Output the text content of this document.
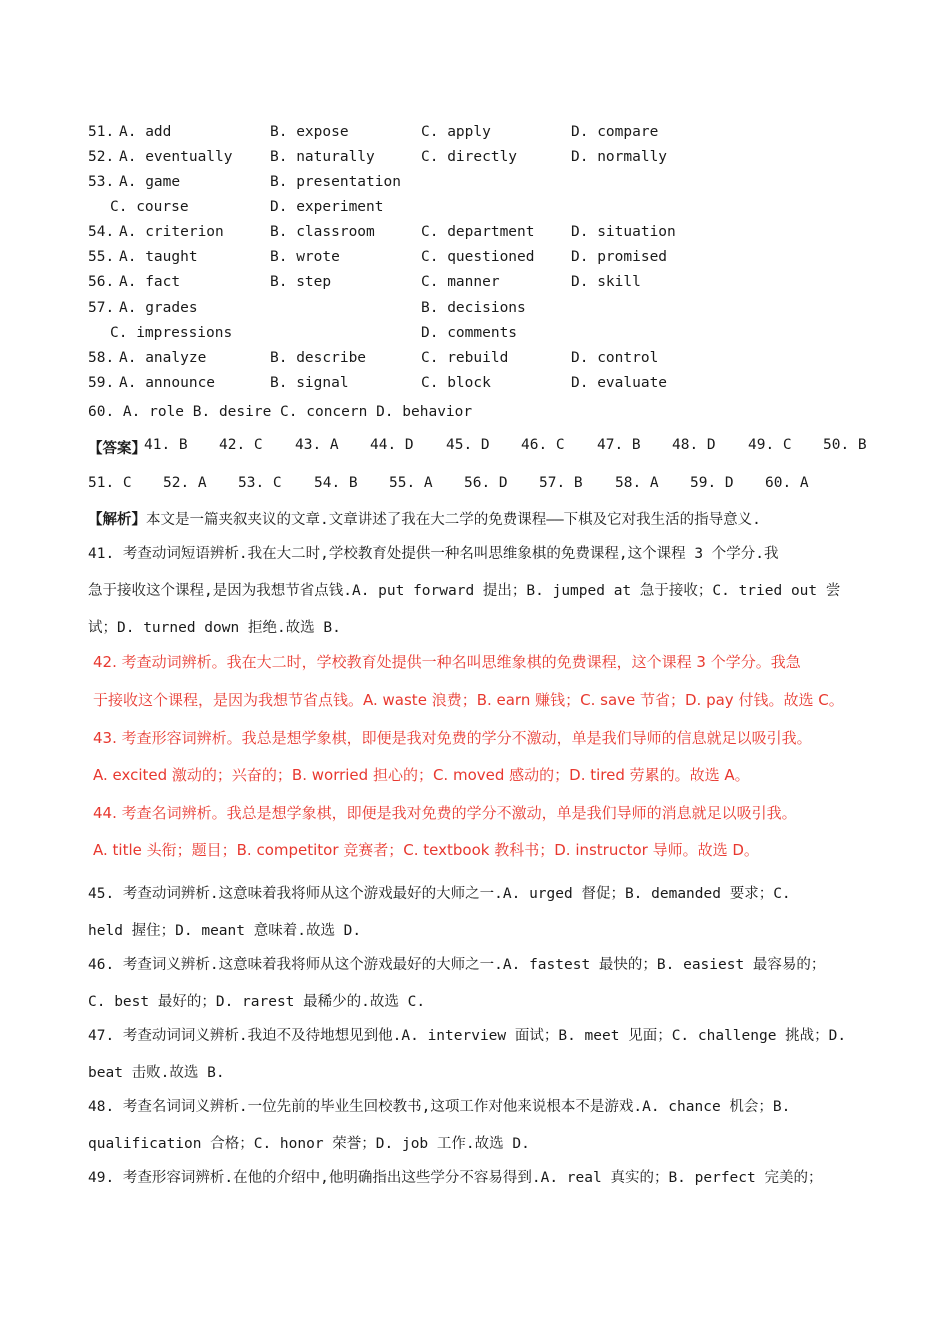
51. A. add	B. expose	C. apply	D. compare
52. A. eventually	B. naturally	C. directly	D. normally
53. A. game	B. presentation
C. course	D. experiment
54. A. criterion	B. classroom	C. department	D. situation
55. A. taught	B. wrote	C. questioned	D. promised
56. A. fact	B. step	C. manner	D. skill
57. A. grades	B. decisions
C. impressions	D. comments
58. A. analyze	B. describe	C. rebuild	D. control
59. A. announce	B. signal	C. block	D. evaluate
60. A. role B. desire C. concern D. behavior
【答案】
41. B 42. C 43. A 44. D 45. D 46. C 47. B 48. D 49. C 50. B
51. C 52. A 53. C 54. B 55. A 56. D 57. B 58. A 59. D 60. A
【解析】本文是一篇夹叙夹议的文章.文章讲述了我在大二学的免费课程——下棋及它对我生活的指导意义.
41. 考查动词短语辨析.我在大二时,学校教育处提供一种名叫思维象棋的免费课程,这个课程 3 个学分.我
急于接收这个课程,是因为我想节省点钱.A. put forward 提出；B. jumped at 急于接收；C. tried out 尝
试；D. turned down 拒绝.故选 B.
42. 考查动词辨析。我在大二时，学校教育处提供一种名叫思维象棋的免费课程，这个课程 3 个学分。我急
于接收这个课程，是因为我想节省点钱。A. waste 浪费；B. earn 赚钱；C. save 节省；D. pay 付钱。故选 C。
43. 考查形容词辨析。我总是想学象棋，即便是我对免费的学分不激动，单是我们导师的信息就足以吸引我。
A. excited 激动的；兴奋的；B. worried 担心的；C. moved 感动的；D. tired 劳累的。故选 A。
44. 考查名词辨析。我总是想学象棋，即便是我对免费的学分不激动，单是我们导师的消息就足以吸引我。
A. title 头衔；题目；B. competitor 竞赛者；C. textbook 教科书；D. instructor 导师。故选 D。
45. 考查动词辨析.这意味着我将师从这个游戏最好的大师之一.A. urged 督促；B. demanded 要求；C.
held 握住；D. meant 意味着.故选 D.
46. 考查词义辨析.这意味着我将师从这个游戏最好的大师之一.A. fastest 最快的；B. easiest 最容易的；
C. best 最好的；D. rarest 最稀少的.故选 C.
47. 考查动词词义辨析.我迫不及待地想见到他.A. interview 面试；B. meet 见面；C. challenge 挑战；D.
beat 击败.故选 B.
48. 考查名词词义辨析.一位先前的毕业生回校教书,这项工作对他来说根本不是游戏.A. chance 机会；B.
qualification 合格；C. honor 荣誉；D. job 工作.故选 D.
49. 考查形容词辨析.在他的介绍中,他明确指出这些学分不容易得到.A. real 真实的；B. perfect 完美的；
